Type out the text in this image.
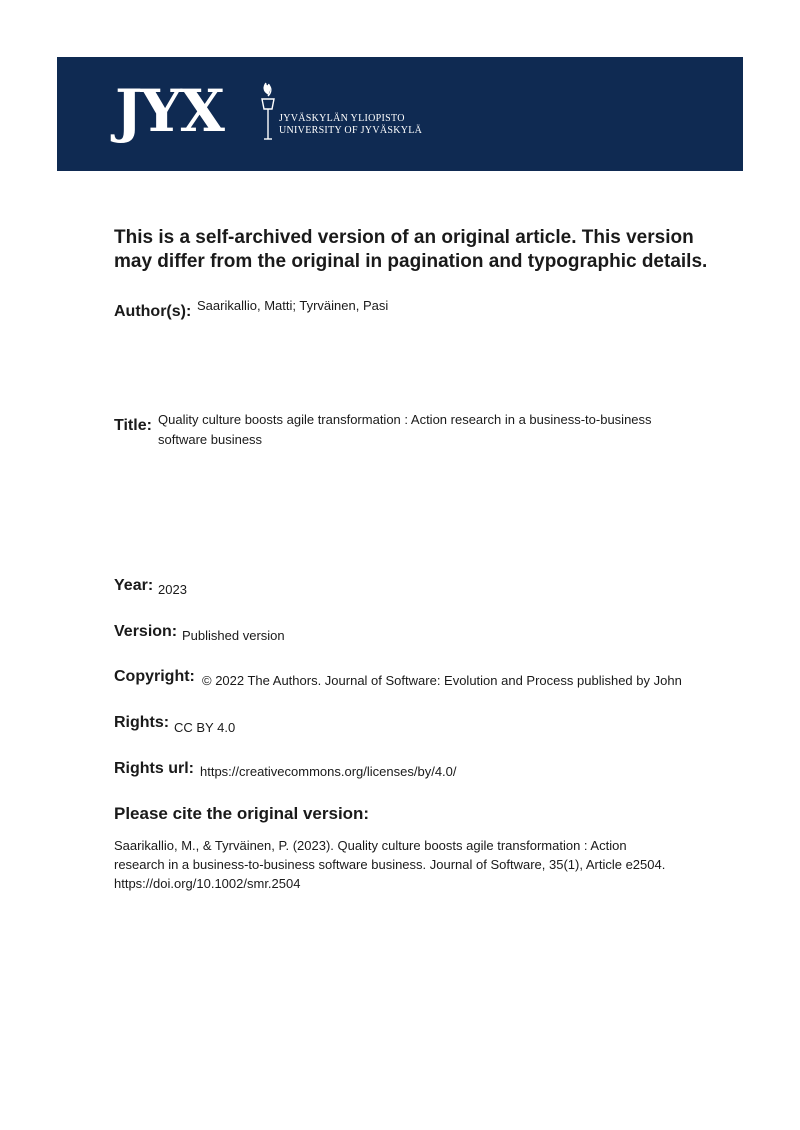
JYX	JYVÄSKYLÄN YLIOPISTO
UNIVERSITY OF JYVÄSKYLÄ
This is a self-archived version of an original article. This version
may differ from the original in pagination and typographic details.
Author(s): Saarikallio, Matti; Tyrväinen, Pasi
Title: Quality culture boosts agile transformation : Action research in a business-to-business
software business
Year: 2023
Version: Published version
Copyright: © 2022 The Authors. Journal of Software: Evolution and Process published by John
Rights: CC BY 4.0
Rights url: https://creativecommons.org/licenses/by/4.0/
Please cite the original version:
Saarikallio, M., & Tyrväinen, P. (2023). Quality culture boosts agile transformation : Action
research in a business-to-business software business. Journal of Software, 35(1), Article e2504.
https://doi.org/10.1002/smr.2504
